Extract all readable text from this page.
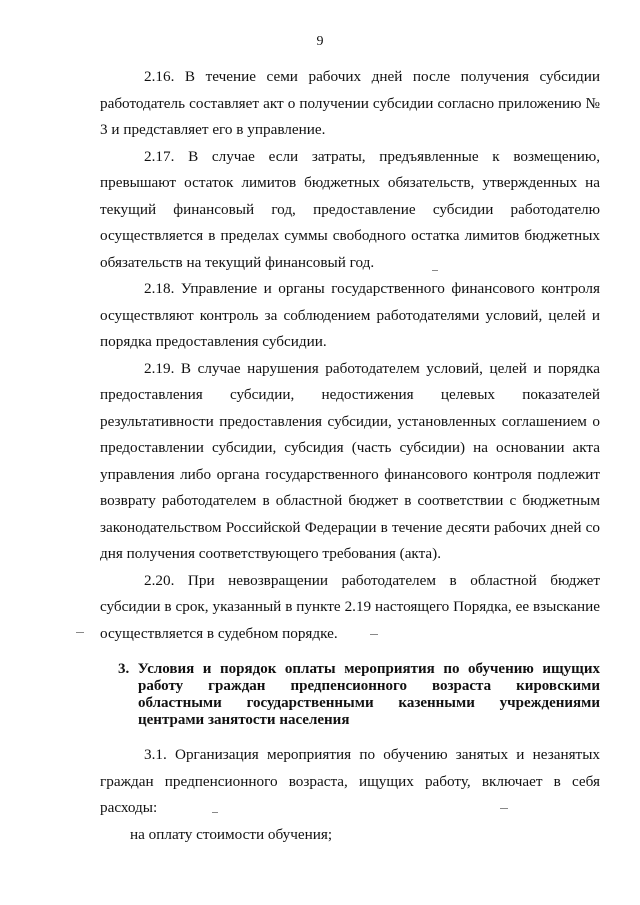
9

2.16. В течение семи рабочих дней после получения субсидии работодатель составляет акт о получении субсидии согласно приложению № 3 и представляет его в управление.

2.17. В случае если затраты, предъявленные к возмещению, превышают остаток лимитов бюджетных обязательств, утвержденных на текущий финансовый год, предоставление субсидии работодателю осуществляется в пределах суммы свободного остатка лимитов бюджетных обязательств на текущий финансовый год.

2.18. Управление и органы государственного финансового контроля осуществляют контроль за соблюдением работодателями условий, целей и порядка предоставления субсидии.

2.19. В случае нарушения работодателем условий, целей и порядка предоставления субсидии, недостижения целевых показателей результативности предоставления субсидии, установленных соглашением о предоставлении субсидии, субсидия (часть субсидии) на основании акта управления либо органа государственного финансового контроля подлежит возврату работодателем в областной бюджет в соответствии с бюджетным законодательством Российской Федерации в течение десяти рабочих дней со дня получения соответствующего требования (акта).

2.20. При невозвращении работодателем в областной бюджет субсидии в срок, указанный в пункте 2.19 настоящего Порядка, ее взыскание осуществляется в судебном порядке.

3. Условия и порядок оплаты мероприятия по обучению ищущих работу граждан предпенсионного возраста кировскими областными государственными казенными учреждениями центрами занятости населения

3.1. Организация мероприятия по обучению занятых и незанятых граждан предпенсионного возраста, ищущих работу, включает в себя расходы:

на оплату стоимости обучения;
